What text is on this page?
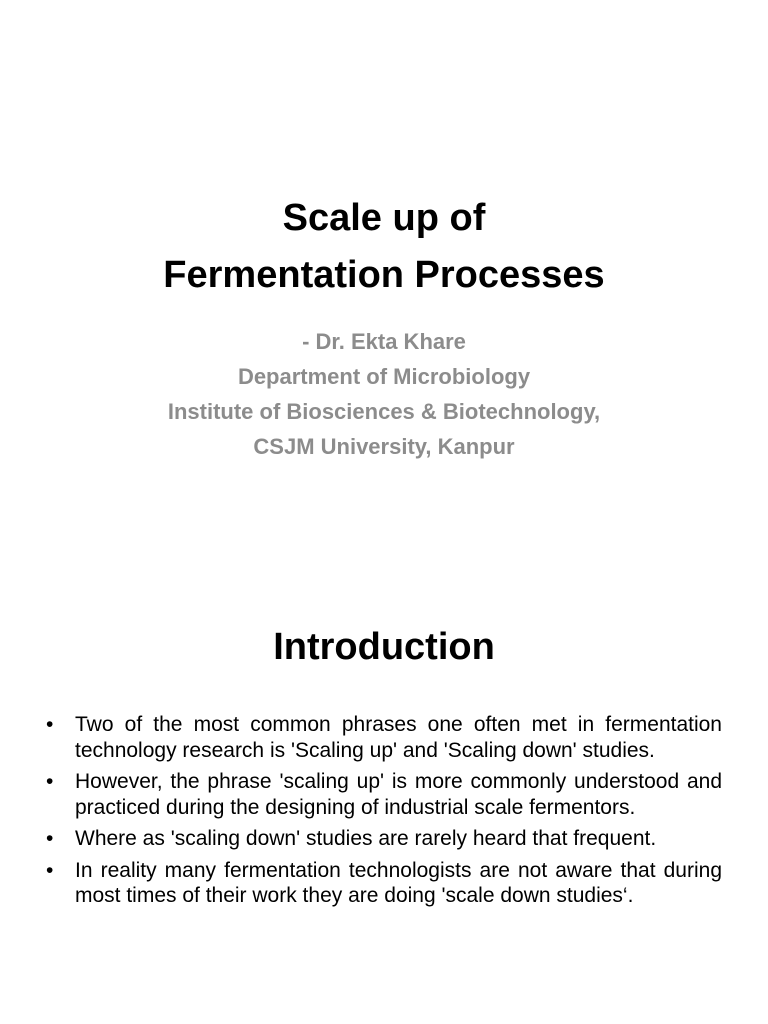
Scale up of
Fermentation Processes
- Dr. Ekta Khare
Department of Microbiology
Institute of Biosciences & Biotechnology,
CSJM University, Kanpur
Introduction
• Two of the most common phrases one often met in fermentation technology research is 'Scaling up' and 'Scaling down' studies.
• However, the phrase 'scaling up' is more commonly understood and practiced during the designing of industrial scale fermentors.
• Where as 'scaling down' studies are rarely heard that frequent.
• In reality many fermentation technologists are not aware that during most times of their work they are doing 'scale down studies‘.
